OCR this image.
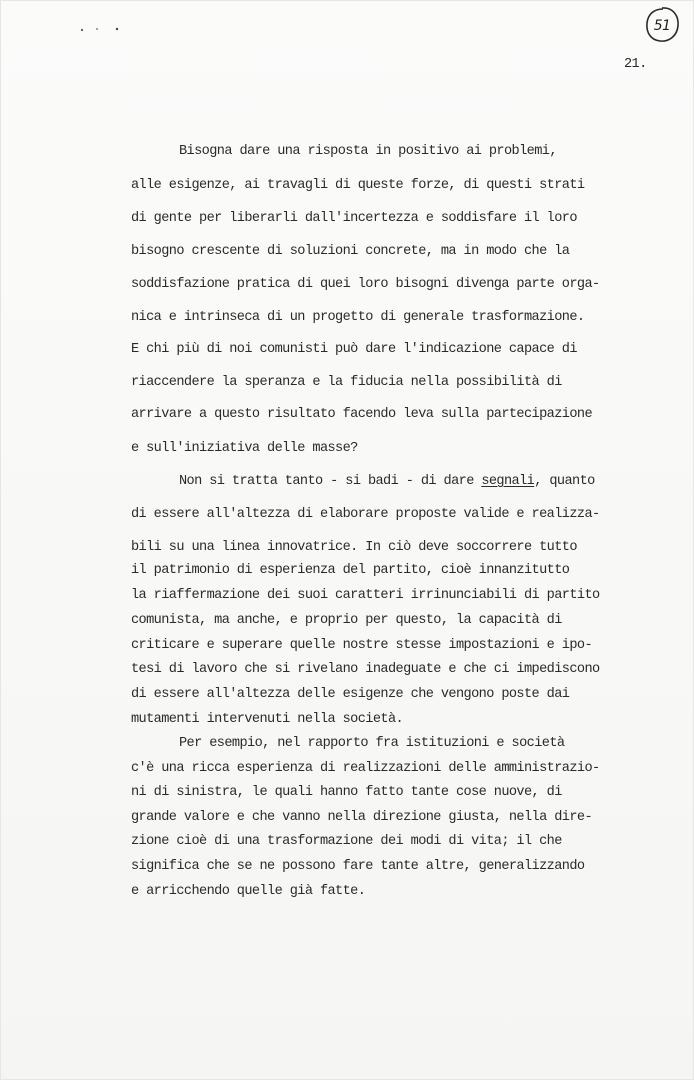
51
21.
Bisogna dare una risposta in positivo ai problemi,
alle esigenze, ai travagli di queste forze, di questi strati
di gente per liberarli dall'incertezza e soddisfare il loro
bisogno crescente di soluzioni concrete, ma in modo che la
soddisfazione pratica di quei loro bisogni divenga parte orga-
nica e intrinseca di un progetto di generale trasformazione.
E chi più di noi comunisti può dare l'indicazione capace di
riaccendere la speranza e la fiducia nella possibilità di
arrivare a questo risultato facendo leva sulla partecipazione
e sull'iniziativa delle masse?
Non si tratta tanto - si badi - di dare segnali, quanto
di essere all'altezza di elaborare proposte valide e realizza-
bili su una linea innovatrice. In ciò deve soccorrere tutto
il patrimonio di esperienza del partito, cioè innanzitutto
la riaffermazione dei suoi caratteri irrinunciabili di partito
comunista, ma anche, e proprio per questo, la capacità di
criticare e superare quelle nostre stesse impostazioni e ipo-
tesi di lavoro che si rivelano inadeguate e che ci impediscono
di essere all'altezza delle esigenze che vengono poste dai
mutamenti intervenuti nella società.
Per esempio, nel rapporto fra istituzioni e società
c'è una ricca esperienza di realizzazioni delle amministrazio-
ni di sinistra, le quali hanno fatto tante cose nuove, di
grande valore e che vanno nella direzione giusta, nella dire-
zione cioè di una trasformazione dei modi di vita; il che
significa che se ne possono fare tante altre, generalizzando
e arricchendo quelle già fatte.
